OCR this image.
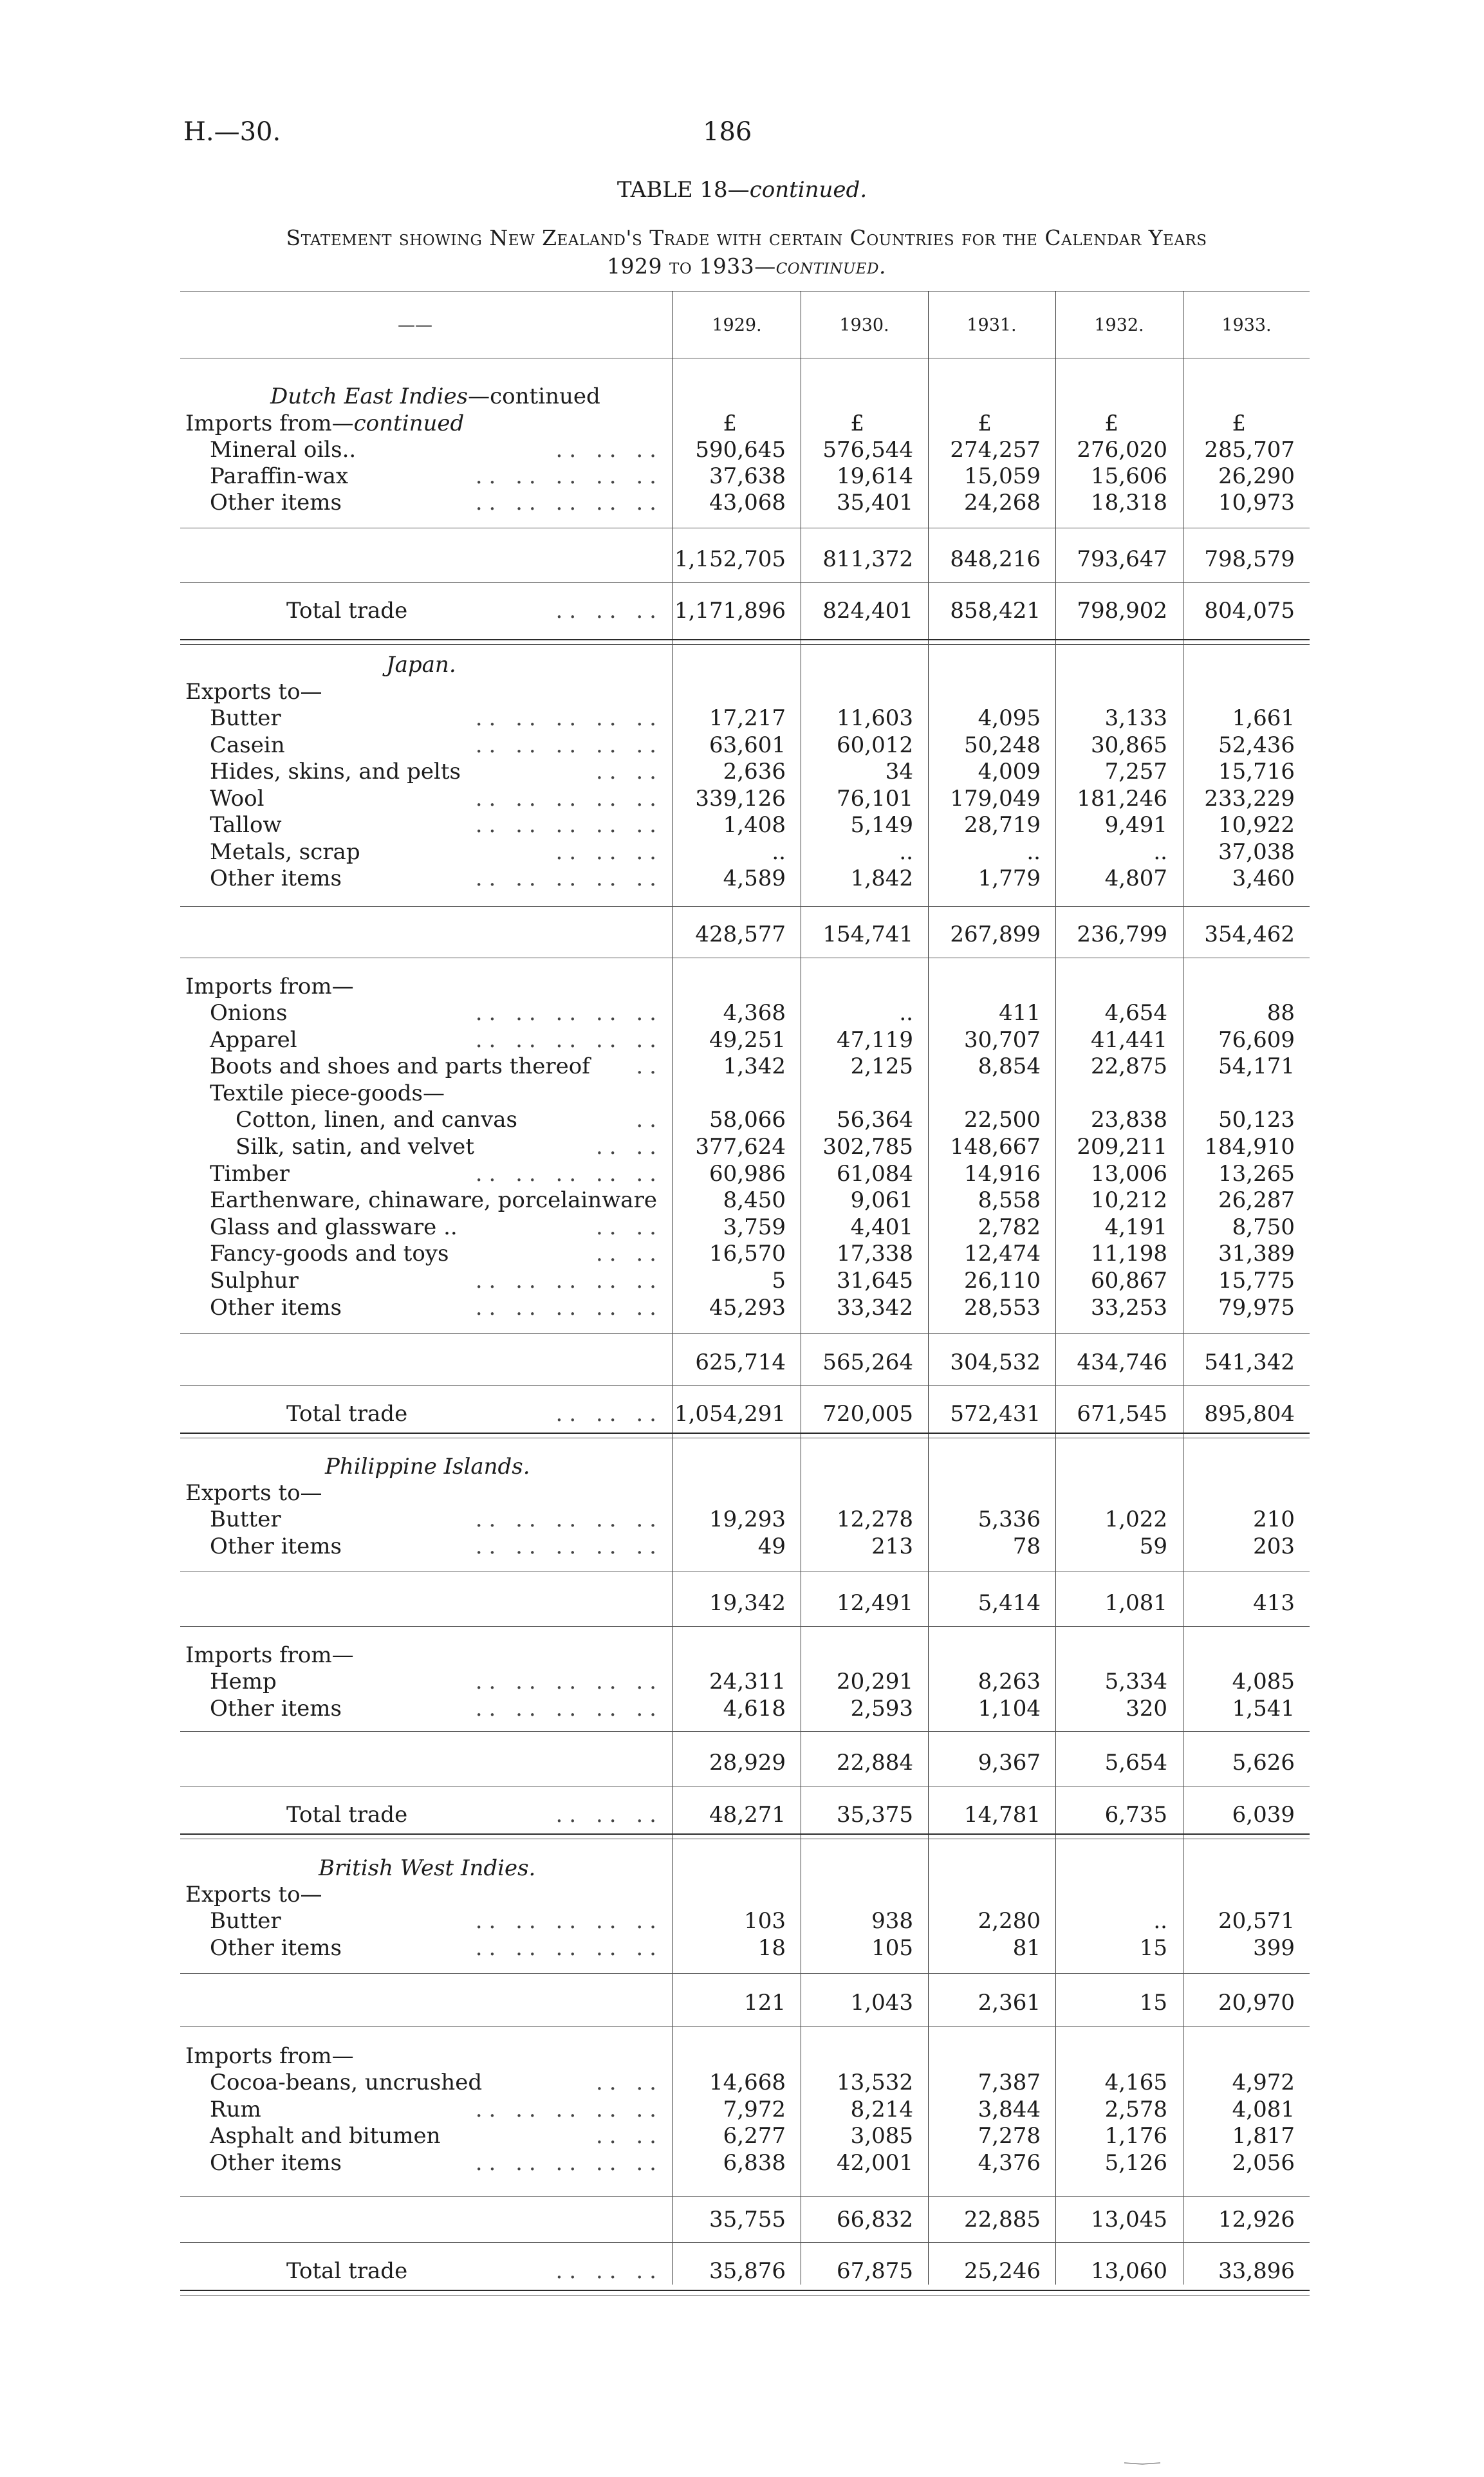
H.—30.	186
TABLE 18—continued.
Statement showing New Zealand's Trade with certain Countries for the Calendar Years
1929 to 1933—continued.
——	1929.	1930.	1931.	1932.	1933.
Dutch East Indies—continued
£	£	£	£	£
Imports from—continued
Mineral oils..	.. .. ..	590,645	576,544	274,257	276,020	285,707
Paraffin-wax	.. .. .. .. ..	37,638	19,614	15,059	15,606	26,290
Other items	.. .. .. .. ..	43,068	35,401	24,268	18,318	10,973
1,152,705	811,372	848,216	793,647	798,579
Total trade	.. .. .. 1,171,896	824,401	858,421	798,902	804,075
Japan.
Exports to—
Butter	.. .. .. .. ..	17,217	11,603	4,095	3,133	1,661
Casein	.. .. .. .. ..	63,601	60,012	50,248	30,865	52,436
Hides, skins, and pelts	.. ..	2,636	34	4,009	7,257	15,716
Wool	.. .. .. .. ..	339,126	76,101	179,049	181,246	233,229
Tallow	.. .. .. .. ..	1,408	5,149	28,719	9,491	10,922
Metals, scrap	.. .. ..	..	..	..	..	37,038
Other items	.. .. .. .. ..	4,589	1,842	1,779	4,807	3,460
428,577	154,741	267,899	236,799	354,462
Imports from—
Onions	.. .. .. .. ..	4,368	..	411	4,654	88
Apparel	.. .. .. .. ..	49,251	47,119	30,707	41,441	76,609
Boots and shoes and parts thereof	..	1,342	2,125	8,854	22,875	54,171
Textile piece-goods—
Cotton, linen, and canvas	..	58,066	56,364	22,500	23,838	50,123
Silk, satin, and velvet	.. ..	377,624	302,785	148,667	209,211	184,910
Timber	.. .. .. .. ..	60,986	61,084	14,916	13,006	13,265
Earthenware, chinaware, porcelainware	8,450	9,061	8,558	10,212	26,287
Glass and glassware ..	.. ..	3,759	4,401	2,782	4,191	8,750
Fancy-goods and toys	.. ..	16,570	17,338	12,474	11,198	31,389
Sulphur	.. .. .. .. ..	5	31,645	26,110	60,867	15,775
Other items	.. .. .. .. ..	45,293	33,342	28,553	33,253	79,975
625,714	565,264	304,532	434,746	541,342
Total trade	.. .. .. 1,054,291	720,005	572,431	671,545	895,804
Philippine Islands.
Exports to—
Butter	.. .. .. .. ..	19,293	12,278	5,336	1,022	210
Other items	.. .. .. .. ..	49	213	78	59	203
19,342	12,491	5,414	1,081	413
Imports from—
Hemp	.. .. .. .. ..	24,311	20,291	8,263	5,334	4,085
Other items	.. .. .. .. ..	4,618	2,593	1,104	320	1,541
28,929	22,884	9,367	5,654	5,626
Total trade	.. .. ..	48,271	35,375	14,781	6,735	6,039
British West Indies.
Exports to—
Butter	.. .. .. .. ..	103	938	2,280	..	20,571
Other items	.. .. .. .. ..	18	105	81	15	399
121	1,043	2,361	15	20,970
Imports from—
Cocoa-beans, uncrushed	.. ..	14,668	13,532	7,387	4,165	4,972
Rum	.. .. .. .. ..	7,972	8,214	3,844	2,578	4,081
Asphalt and bitumen	.. ..	6,277	3,085	7,278	1,176	1,817
Other items	.. .. .. .. ..	6,838	42,001	4,376	5,126	2,056
35,755	66,832	22,885	13,045	12,926
Total trade	.. .. ..	35,876	67,875	25,246	13,060	33,896
